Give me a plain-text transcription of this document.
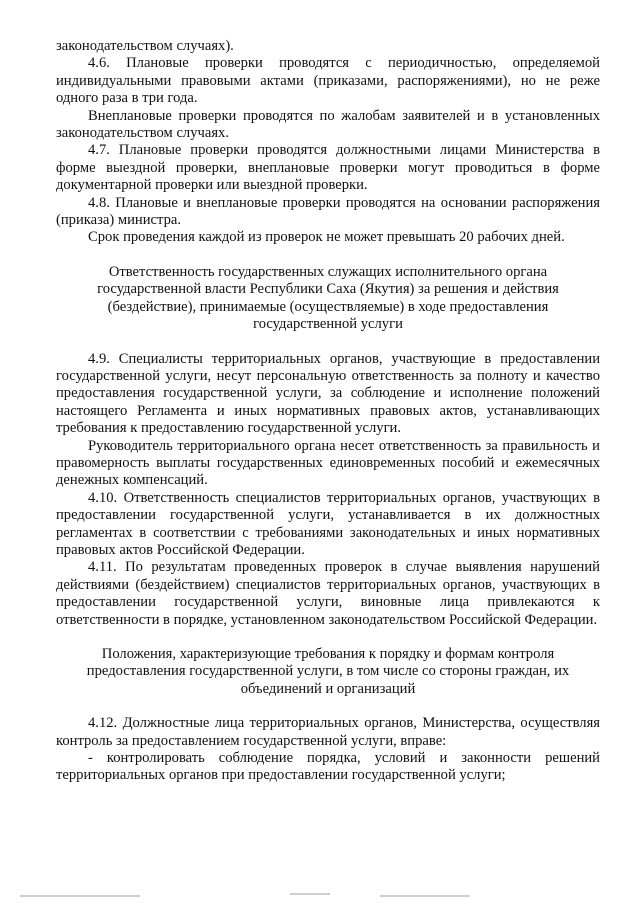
законодательством случаях).

4.6. Плановые проверки проводятся с периодичностью, определяемой индивидуальными правовыми актами (приказами, распоряжениями), но не реже одного раза в три года.

Внеплановые проверки проводятся по жалобам заявителей и в установленных законодательством случаях.

4.7. Плановые проверки проводятся должностными лицами Министерства в форме выездной проверки, внеплановые проверки могут проводиться в форме документарной проверки или выездной проверки.

4.8. Плановые и внеплановые проверки проводятся на основании распоряжения (приказа) министра.

Срок проведения каждой из проверок не может превышать 20 рабочих дней.

Ответственность государственных служащих исполнительного органа государственной власти Республики Саха (Якутия) за решения и действия (бездействие), принимаемые (осуществляемые) в ходе предоставления государственной услуги

4.9. Специалисты территориальных органов, участвующие в предоставлении государственной услуги, несут персональную ответственность за полноту и качество предоставления государственной услуги, за соблюдение и исполнение положений настоящего Регламента и иных нормативных правовых актов, устанавливающих требования к предоставлению государственной услуги.

Руководитель территориального органа несет ответственность за правильность и правомерность выплаты государственных единовременных пособий и ежемесячных денежных компенсаций.

4.10. Ответственность специалистов территориальных органов, участвующих в предоставлении государственной услуги, устанавливается в их должностных регламентах в соответствии с требованиями законодательных и иных нормативных правовых актов Российской Федерации.

4.11. По результатам проведенных проверок в случае выявления нарушений действиями (бездействием) специалистов территориальных органов, участвующих в предоставлении государственной услуги, виновные лица привлекаются к ответственности в порядке, установленном законодательством Российской Федерации.

Положения, характеризующие требования к порядку и формам контроля предоставления государственной услуги, в том числе со стороны граждан, их объединений и организаций

4.12. Должностные лица территориальных органов, Министерства, осуществляя контроль за предоставлением государственной услуги, вправе:

- контролировать соблюдение порядка, условий и законности решений территориальных органов при предоставлении государственной услуги;
